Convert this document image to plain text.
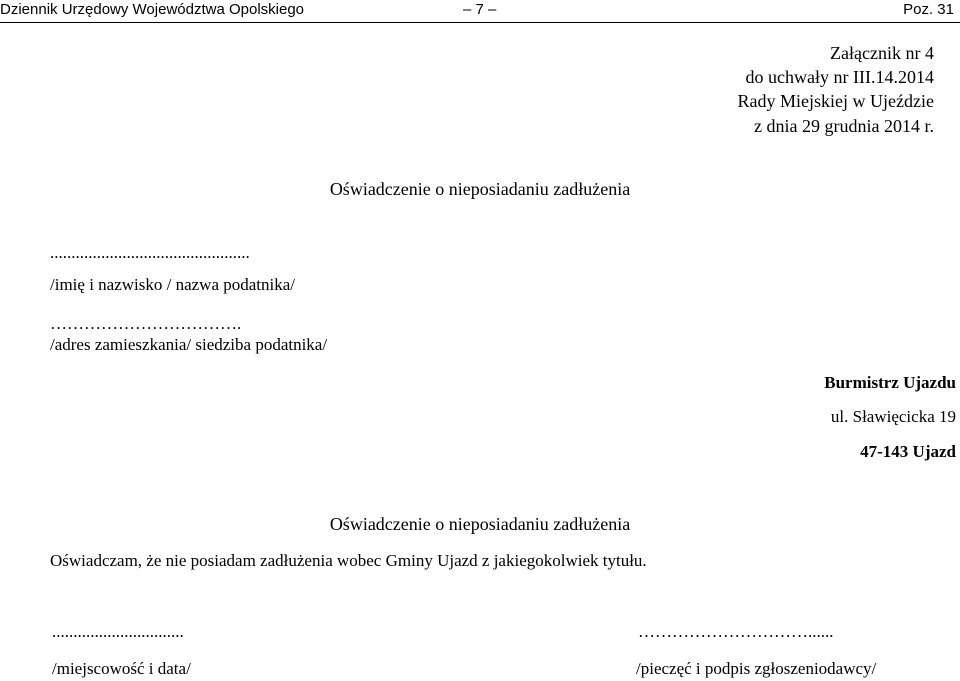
Dziennik Urzędowy Województwa Opolskiego	– 7 –	Poz. 31
Załącznik nr 4
do uchwały nr III.14.2014
Rady Miejskiej w Ujeździe
z dnia 29 grudnia 2014 r.
Oświadczenie o nieposiadaniu zadłużenia
...............................................
/imię i nazwisko / nazwa podatnika/
…………………………….
/adres zamieszkania/ siedziba podatnika/
Burmistrz Ujazdu
ul. Sławięcicka 19
47-143 Ujazd
Oświadczenie o nieposiadaniu zadłużenia
Oświadczam, że nie posiadam zadłużenia wobec Gminy Ujazd z jakiegokolwiek tytułu.
...............................
/miejscowość i data/
…………………………......
/pieczęć i podpis zgłoszeniodawcy/
